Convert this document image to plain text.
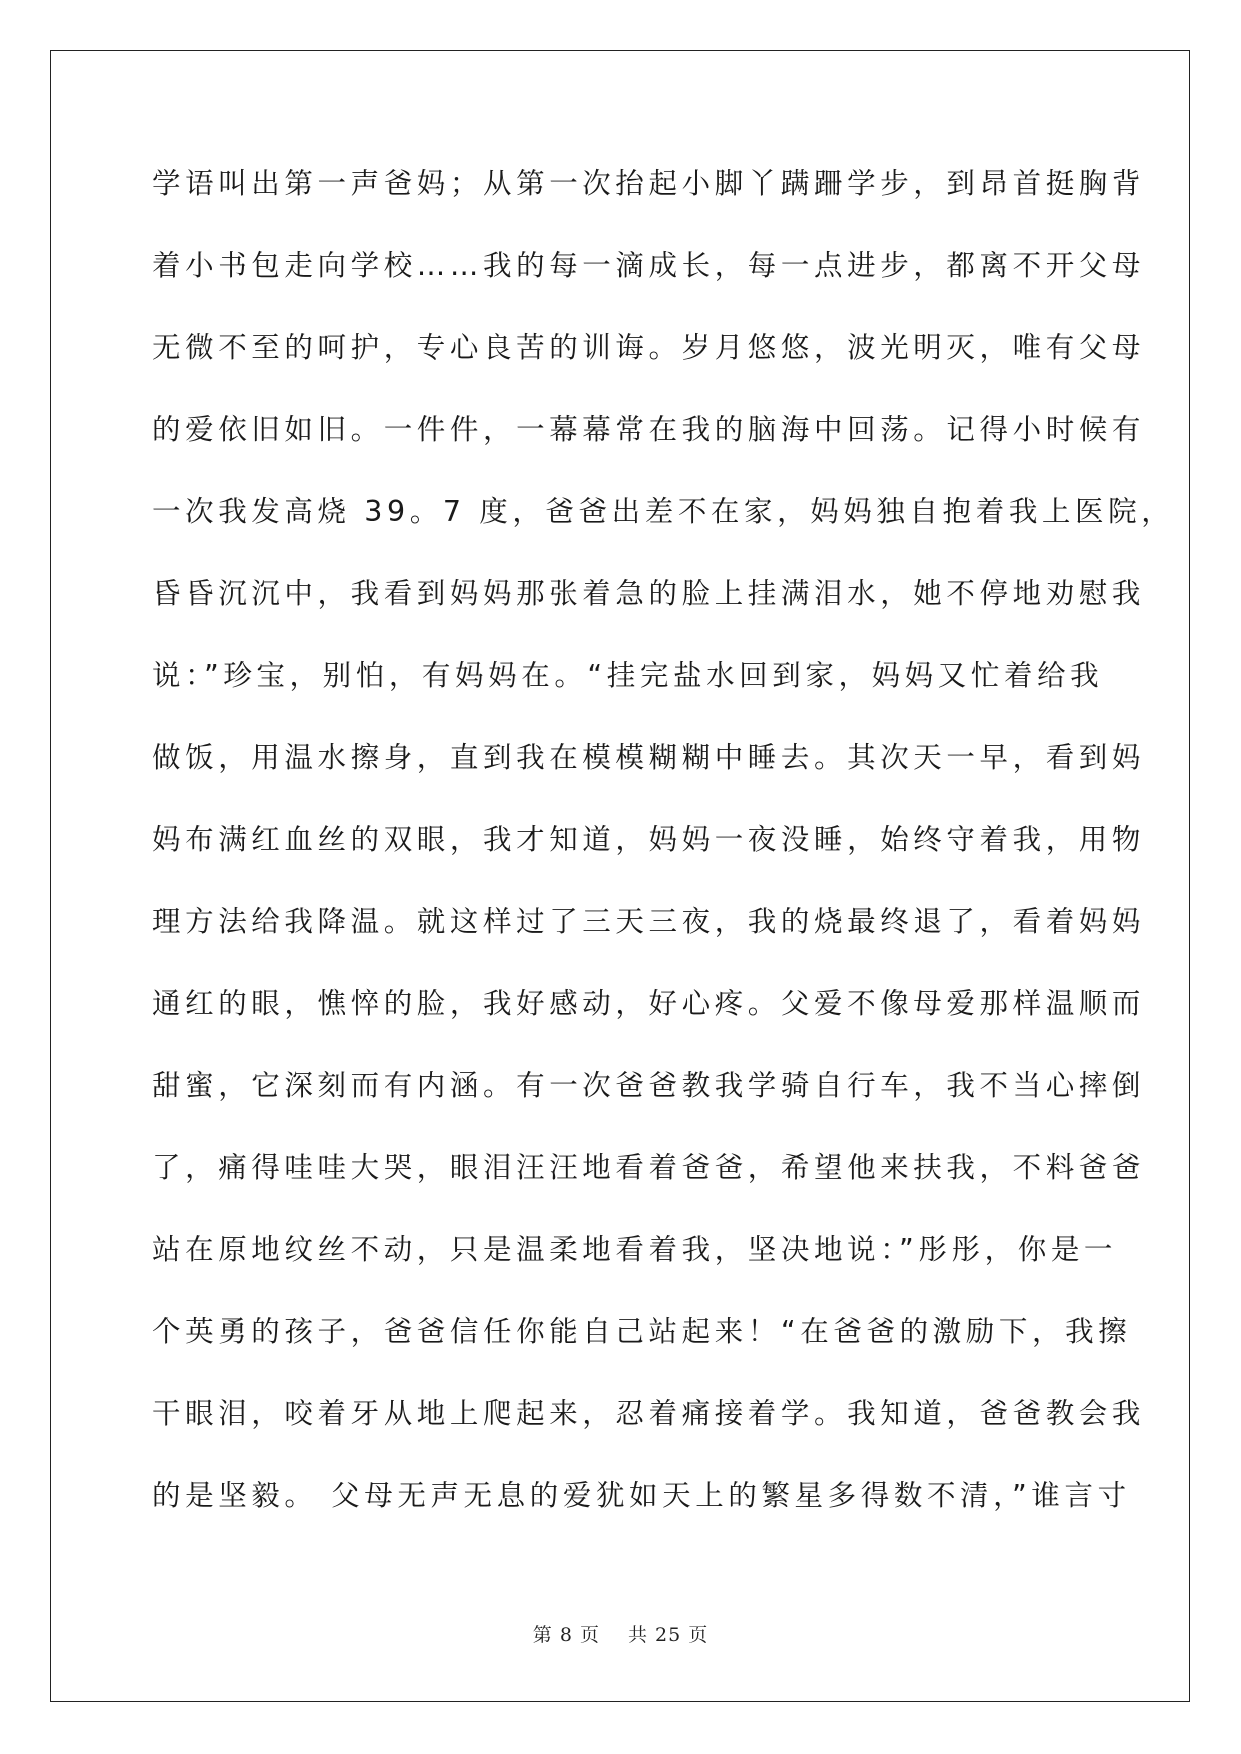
学语叫出第一声爸妈；从第一次抬起小脚丫蹒跚学步，到昂首挺胸背
着小书包走向学校……我的每一滴成长，每一点进步，都离不开父母
无微不至的呵护，专心良苦的训诲。岁月悠悠，波光明灭，唯有父母
的爱依旧如旧。一件件，一幕幕常在我的脑海中回荡。记得小时候有
一次我发高烧 39。7 度，爸爸出差不在家，妈妈独自抱着我上医院，
昏昏沉沉中，我看到妈妈那张着急的脸上挂满泪水，她不停地劝慰我
说：”珍宝，别怕，有妈妈在。“挂完盐水回到家，妈妈又忙着给我
做饭，用温水擦身，直到我在模模糊糊中睡去。其次天一早，看到妈
妈布满红血丝的双眼，我才知道，妈妈一夜没睡，始终守着我，用物
理方法给我降温。就这样过了三天三夜，我的烧最终退了，看着妈妈
通红的眼，憔悴的脸，我好感动，好心疼。父爱不像母爱那样温顺而
甜蜜，它深刻而有内涵。有一次爸爸教我学骑自行车，我不当心摔倒
了，痛得哇哇大哭，眼泪汪汪地看着爸爸，希望他来扶我，不料爸爸
站在原地纹丝不动，只是温柔地看着我，坚决地说：”彤彤，你是一
个英勇的孩子，爸爸信任你能自己站起来！“在爸爸的激励下，我擦
干眼泪，咬着牙从地上爬起来，忍着痛接着学。我知道，爸爸教会我
的是坚毅。 父母无声无息的爱犹如天上的繁星多得数不清，”谁言寸
第 8 页 共 25 页
